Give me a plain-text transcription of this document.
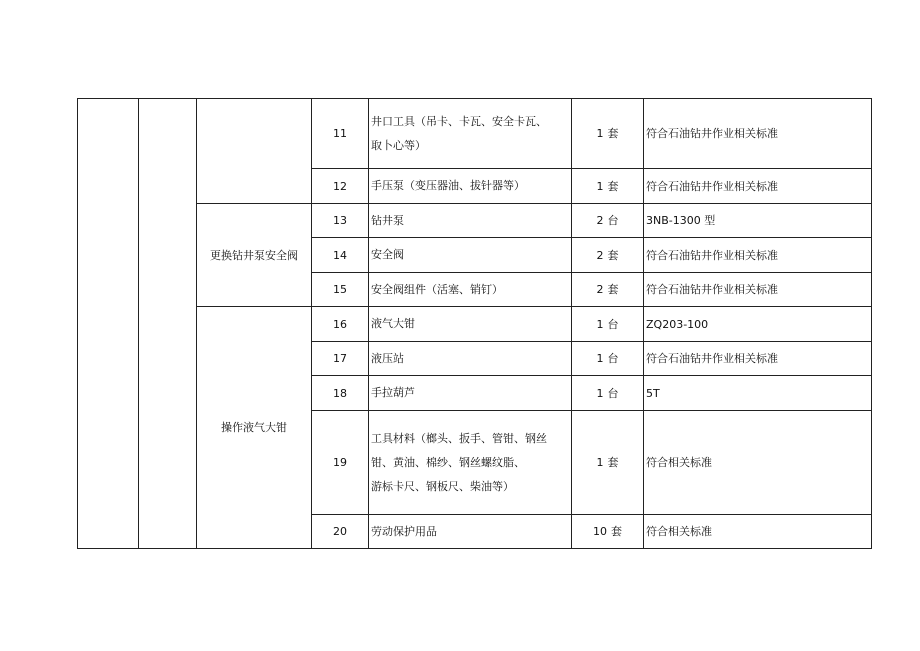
			11	井口工具（吊卡、卡瓦、安全卡瓦、
取卜心等）	1 套	符合石油钻井作业相关标准
			12	手压泵（变压器油、拔针器等）	1 套	符合石油钻井作业相关标准
		更换钻井泵安全阀	13	钻井泵	2 台	3NB-1300 型
			14	安全阀	2 套	符合石油钻井作业相关标准
			15	安全阀组件（活塞、销钉）	2 套	符合石油钻井作业相关标准
		操作液气大钳	16	液气大钳	1 台	ZQ203-100
			17	液压站	1 台	符合石油钻井作业相关标准
			18	手拉葫芦	1 台	5T
			19	工具材料（榔头、扳手、管钳、钢丝
钳、黄油、棉纱、钢丝螺纹脂、
游标卡尺、钢板尺、柴油等）	1 套	符合相关标准
			20	劳动保护用品	10 套	符合相关标准
